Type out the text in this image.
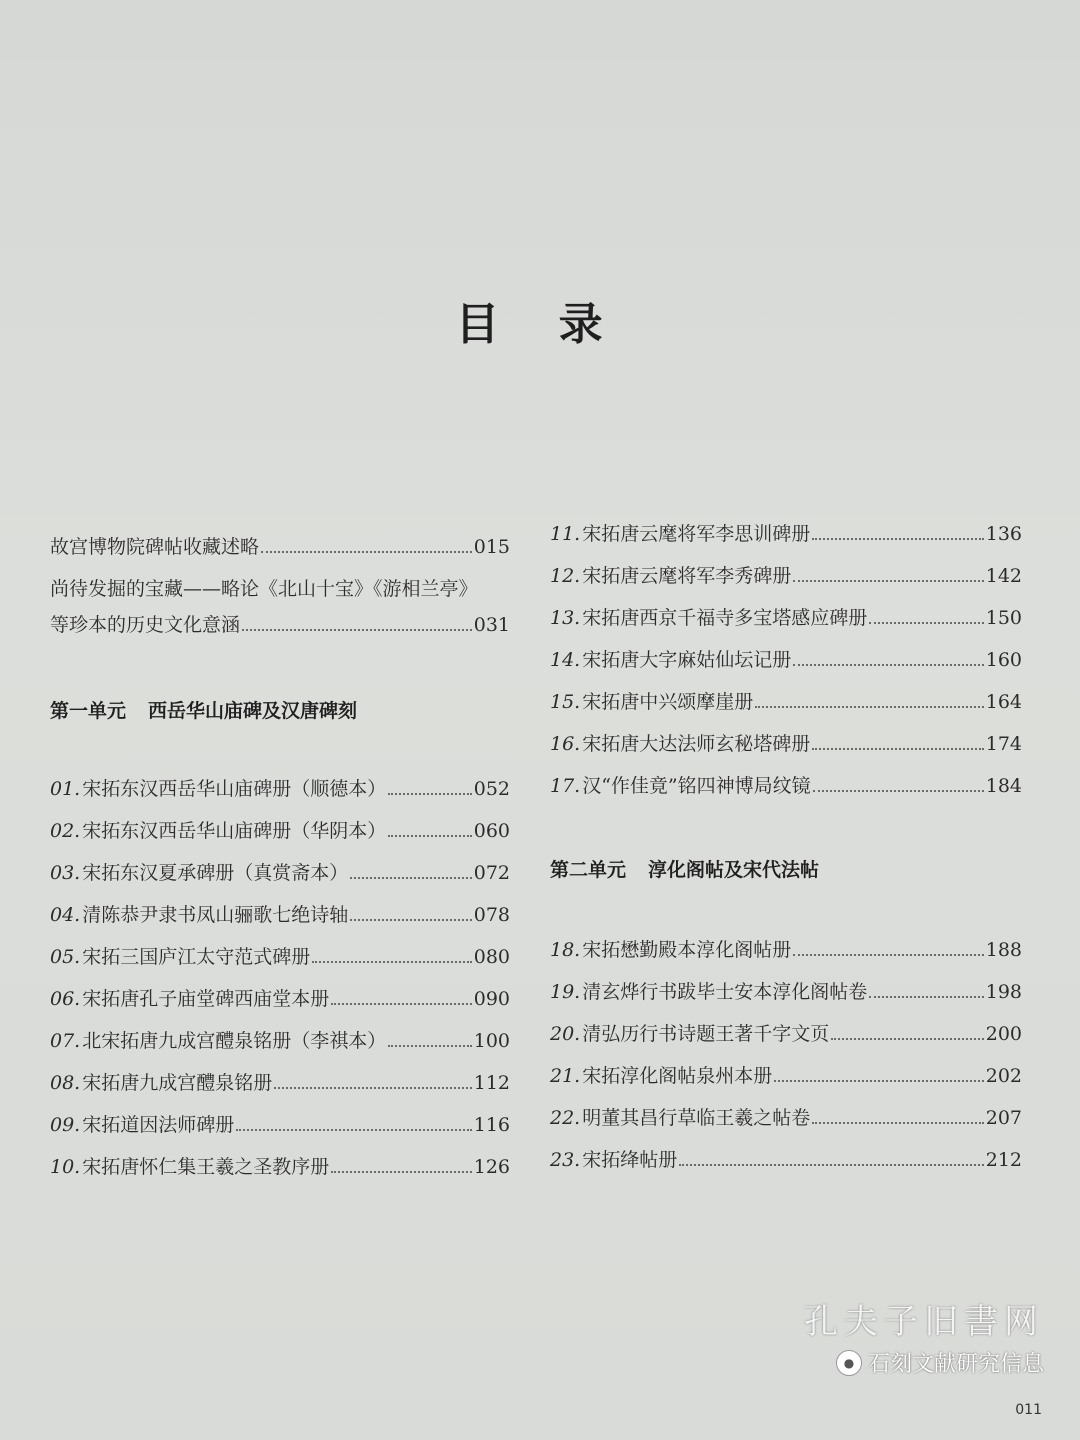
目 录
故宫博物院碑帖收藏述略	015
尚待发掘的宝藏——略论《北山十宝》《游相兰亭》
等珍本的历史文化意涵	031
第一单元 西岳华山庙碑及汉唐碑刻
01. 宋拓东汉西岳华山庙碑册（顺德本）	052
02. 宋拓东汉西岳华山庙碑册（华阴本）	060
03. 宋拓东汉夏承碑册（真赏斋本）	072
04. 清陈恭尹隶书凤山骊歌七绝诗轴	078
05. 宋拓三国庐江太守范式碑册	080
06. 宋拓唐孔子庙堂碑西庙堂本册	090
07. 北宋拓唐九成宫醴泉铭册（李祺本）	100
08. 宋拓唐九成宫醴泉铭册	112
09. 宋拓道因法师碑册	116
10. 宋拓唐怀仁集王羲之圣教序册	126
11. 宋拓唐云麾将军李思训碑册	136
12. 宋拓唐云麾将军李秀碑册	142
13. 宋拓唐西京千福寺多宝塔感应碑册	150
14. 宋拓唐大字麻姑仙坛记册	160
15. 宋拓唐中兴颂摩崖册	164
16. 宋拓唐大达法师玄秘塔碑册	174
17. 汉“作佳竟”铭四神博局纹镜	184
第二单元 淳化阁帖及宋代法帖
18. 宋拓懋勤殿本淳化阁帖册	188
19. 清玄烨行书跋毕士安本淳化阁帖卷	198
20. 清弘历行书诗题王著千字文页	200
21. 宋拓淳化阁帖泉州本册	202
22. 明董其昌行草临王羲之帖卷	207
23. 宋拓绛帖册	212
孔夫子旧書网
● 石刻文献研究信息
011
